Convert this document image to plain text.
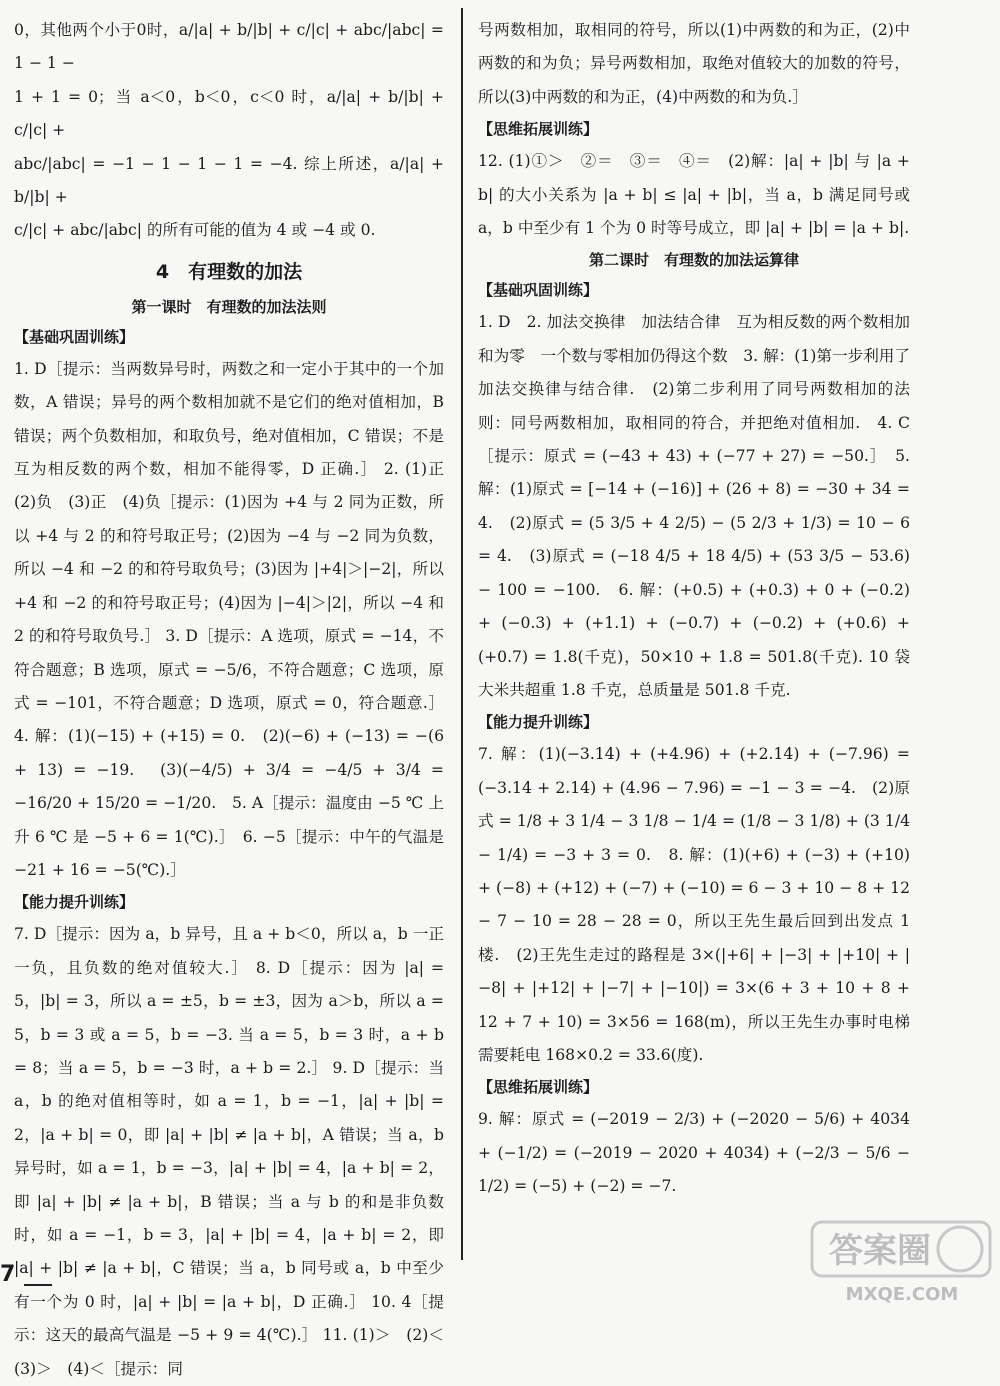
0，其他两个小于0时，a/|a| + b/|b| + c/|c| + abc/|abc| = 1 − 1 −

1 + 1 = 0；当 a＜0，b＜0，c＜0 时，a/|a| + b/|b| + c/|c| +

abc/|abc| = −1 − 1 − 1 − 1 = −4. 综上所述，a/|a| + b/|b| +

c/|c| + abc/|abc| 的所有可能的值为 4 或 −4 或 0.

4　有理数的加法
第一课时　有理数的加法法则
【基础巩固训练】

1. D［提示：当两数异号时，两数之和一定小于其中的一个加数，A 错误；异号的两个数相加就不是它们的绝对值相加，B 错误；两个负数相加，和取负号，绝对值相加，C 错误；不是互为相反数的两个数，相加不能得零，D 正确.］ 2. (1)正　(2)负　(3)正　(4)负［提示：(1)因为 +4 与 2 同为正数，所以 +4 与 2 的和符号取正号；(2)因为 −4 与 −2 同为负数，所以 −4 和 −2 的和符号取负号；(3)因为 |+4|＞|−2|，所以 +4 和 −2 的和符号取正号；(4)因为 |−4|＞|2|，所以 −4 和 2 的和符号取负号.］ 3. D［提示：A 选项，原式 = −14，不符合题意；B 选项，原式 = −5/6，不符合题意；C 选项，原式 = −101，不符合题意；D 选项，原式 = 0，符合题意.］ 4. 解：(1)(−15) + (+15) = 0.　(2)(−6) + (−13) = −(6 + 13) = −19.　(3)(−4/5) + 3/4 = −4/5 + 3/4 = −16/20 + 15/20 = −1/20.　5. A［提示：温度由 −5 ℃ 上升 6 ℃ 是 −5 + 6 = 1(℃).］　6. −5［提示：中午的气温是 −21 + 16 = −5(℃).］

【能力提升训练】

7. D［提示：因为 a，b 异号，且 a + b＜0，所以 a，b 一正一负，且负数的绝对值较大.］ 8. D［提示：因为 |a| = 5，|b| = 3，所以 a = ±5，b = ±3，因为 a＞b，所以 a = 5，b = 3 或 a = 5，b = −3. 当 a = 5，b = 3 时，a + b = 8；当 a = 5，b = −3 时，a + b = 2.］ 9. D［提示：当 a，b 的绝对值相等时，如 a = 1，b = −1，|a| + |b| = 2，|a + b| = 0，即 |a| + |b| ≠ |a + b|，A 错误；当 a，b 异号时，如 a = 1，b = −3，|a| + |b| = 4，|a + b| = 2，即 |a| + |b| ≠ |a + b|，B 错误；当 a 与 b 的和是非负数时，如 a = −1，b = 3，|a| + |b| = 4，|a + b| = 2，即 |a| + |b| ≠ |a + b|，C 错误；当 a，b 同号或 a，b 中至少有一个为 0 时，|a| + |b| = |a + b|，D 正确.］ 10. 4［提示：这天的最高气温是 −5 + 9 = 4(℃).］ 11. (1)＞　(2)＜　(3)＞　(4)＜［提示：同

号两数相加，取相同的符号，所以(1)中两数的和为正，(2)中两数的和为负；异号两数相加，取绝对值较大的加数的符号，所以(3)中两数的和为正，(4)中两数的和为负.］

【思维拓展训练】

12. (1)①＞　②＝　③＝　④＝　(2)解：|a| + |b| 与 |a + b| 的大小关系为 |a + b| ≤ |a| + |b|，当 a，b 满足同号或 a，b 中至少有 1 个为 0 时等号成立，即 |a| + |b| = |a + b|.

第二课时　有理数的加法运算律
【基础巩固训练】

1. D　2. 加法交换律　加法结合律　互为相反数的两个数相加和为零　一个数与零相加仍得这个数　3. 解：(1)第一步利用了加法交换律与结合律.　(2)第二步利用了同号两数相加的法则：同号两数相加，取相同的符合，并把绝对值相加.　4. C［提示：原式 = (−43 + 43) + (−77 + 27) = −50.］　5. 解：(1)原式 = [−14 + (−16)] + (26 + 8) = −30 + 34 = 4.　(2)原式 = (5 3/5 + 4 2/5) − (5 2/3 + 1/3) = 10 − 6 = 4.　(3)原式 = (−18 4/5 + 18 4/5) + (53 3/5 − 53.6) − 100 = −100.　6. 解：(+0.5) + (+0.3) + 0 + (−0.2) + (−0.3) + (+1.1) + (−0.7) + (−0.2) + (+0.6) + (+0.7) = 1.8(千克)，50×10 + 1.8 = 501.8(千克). 10 袋大米共超重 1.8 千克，总质量是 501.8 千克.

【能力提升训练】

7. 解：(1)(−3.14) + (+4.96) + (+2.14) + (−7.96) = (−3.14 + 2.14) + (4.96 − 7.96) = −1 − 3 = −4.　(2)原式 = 1/8 + 3 1/4 − 3 1/8 − 1/4 = (1/8 − 3 1/8) + (3 1/4 − 1/4) = −3 + 3 = 0.　8. 解：(1)(+6) + (−3) + (+10) + (−8) + (+12) + (−7) + (−10) = 6 − 3 + 10 − 8 + 12 − 7 − 10 = 28 − 28 = 0，所以王先生最后回到出发点 1 楼.　(2)王先生走过的路程是 3×(|+6| + |−3| + |+10| + |−8| + |+12| + |−7| + |−10|) = 3×(6 + 3 + 10 + 8 + 12 + 7 + 10) = 3×56 = 168(m)，所以王先生办事时电梯需要耗电 168×0.2 = 33.6(度).

【思维拓展训练】

9. 解：原式 = (−2019 − 2/3) + (−2020 − 5/6) + 4034 + (−1/2) = (−2019 − 2020 + 4034) + (−2/3 − 5/6 − 1/2) = (−5) + (−2) = −7.

7
答案圈
MXQE.COM
